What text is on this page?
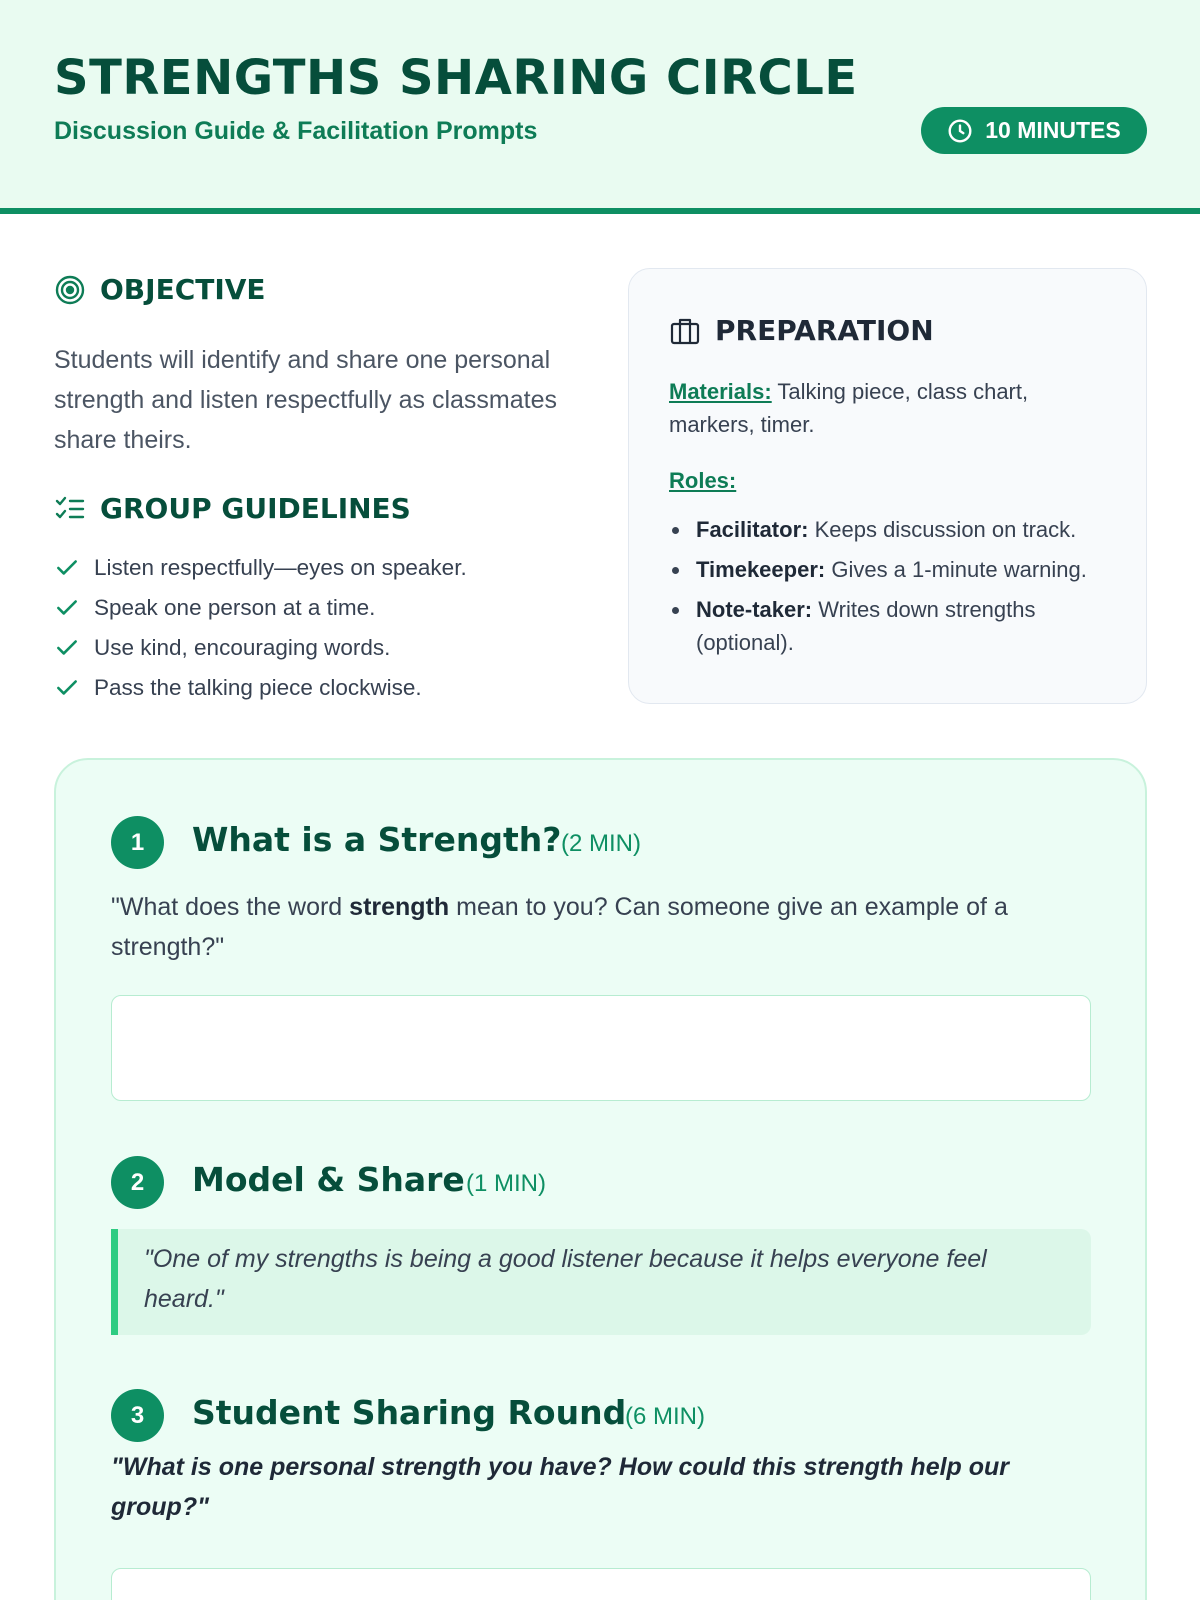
STRENGTHS SHARING CIRCLE
Discussion Guide & Facilitation Prompts	10 MINUTES
OBJECTIVE

Students will identify and share one personal strength and listen respectfully as classmates share theirs.

GROUP GUIDELINES
Listen respectfully—eyes on speaker.
Speak one person at a time.
Use kind, encouraging words.
Pass the talking piece clockwise.
PREPARATION

Materials: Talking piece, class chart, markers, timer.

Roles:

Facilitator: Keeps discussion on track.
Timekeeper: Gives a 1-minute warning.
Note-taker: Writes down strengths (optional).
1	What is a Strength? (2 MIN)

"What does the word strength mean to you? Can someone give an example of a strength?"

2	Model & Share (1 MIN)
"One of my strengths is being a good listener because it helps everyone feel heard."
3	Student Sharing Round
(6 MIN)

"What is one personal strength you have? How could this strength help our group?"
